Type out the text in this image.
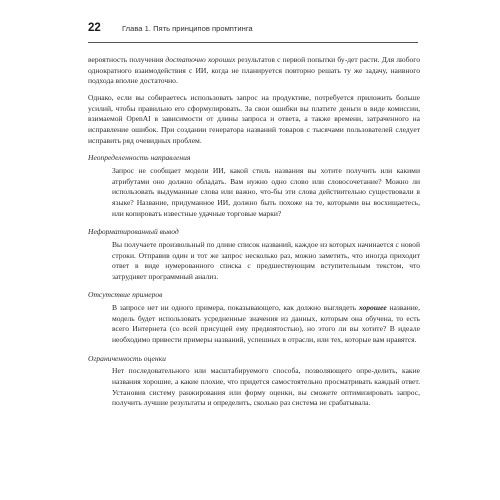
22	Глава 1. Пять принципов промптинга

вероятность получения достаточно хороших результатов с первой попытки бу-дет расти. Для любого однократного взаимодействия с ИИ, когда не планируется повторно решать ту же задачу, наивного подхода вполне достаточно.

Однако, если вы собираетесь использовать запрос на продуктиве, потребуется приложить больше усилий, чтобы правильно его сформулировать. За свои ошибки вы платите деньги в виде комиссии, взимаемой OpenAI в зависимости от длины запроса и ответа, а также времени, затраченного на исправление ошибок. При создании генератора названий товаров с тысячами пользователей следует исправить ряд очевидных проблем.

Неопределенность направления

Запрос не сообщает модели ИИ, какой стиль названия вы хотите получить или какими атрибутами оно должно обладать. Вам нужно одно слово или словосочетание? Можно ли использовать выдуманные слова или важно, что-бы эти слова действительно существовали в языке? Название, придуманное ИИ, должно быть похоже на те, которыми вы восхищаетесь, или копировать известные удачные торговые марки?

Неформатированный вывод

Вы получаете произвольный по длине список названий, каждое из которых начинается с новой строки. Отправив один и тот же запрос несколько раз, можно заметить, что иногда приходит ответ в виде нумерованного списка с предшествующим вступительным текстом, что затрудняет программный анализ.

Отсутствие примеров

В запросе нет ни одного примера, показывающего, как должно выглядеть хорошее название, модель будет использовать усредненные значения из данных, которым она обучена, то есть всего Интернета (со всей присущей ему предвзятостью), но этого ли вы хотите? В идеале необходимо привести примеры названий, успешных в отрасли, или тех, которые вам нравятся.

Ограниченность оценки

Нет последовательного или масштабируемого способа, позволяющего опре-делить, какие названия хорошие, а какие плохие, что придется самостоятельно просматривать каждый ответ. Установив систему ранжирования или форму оценки, вы сможете оптимизировать запрос, получить лучшие результаты и определить, сколько раз система не срабатывала.
